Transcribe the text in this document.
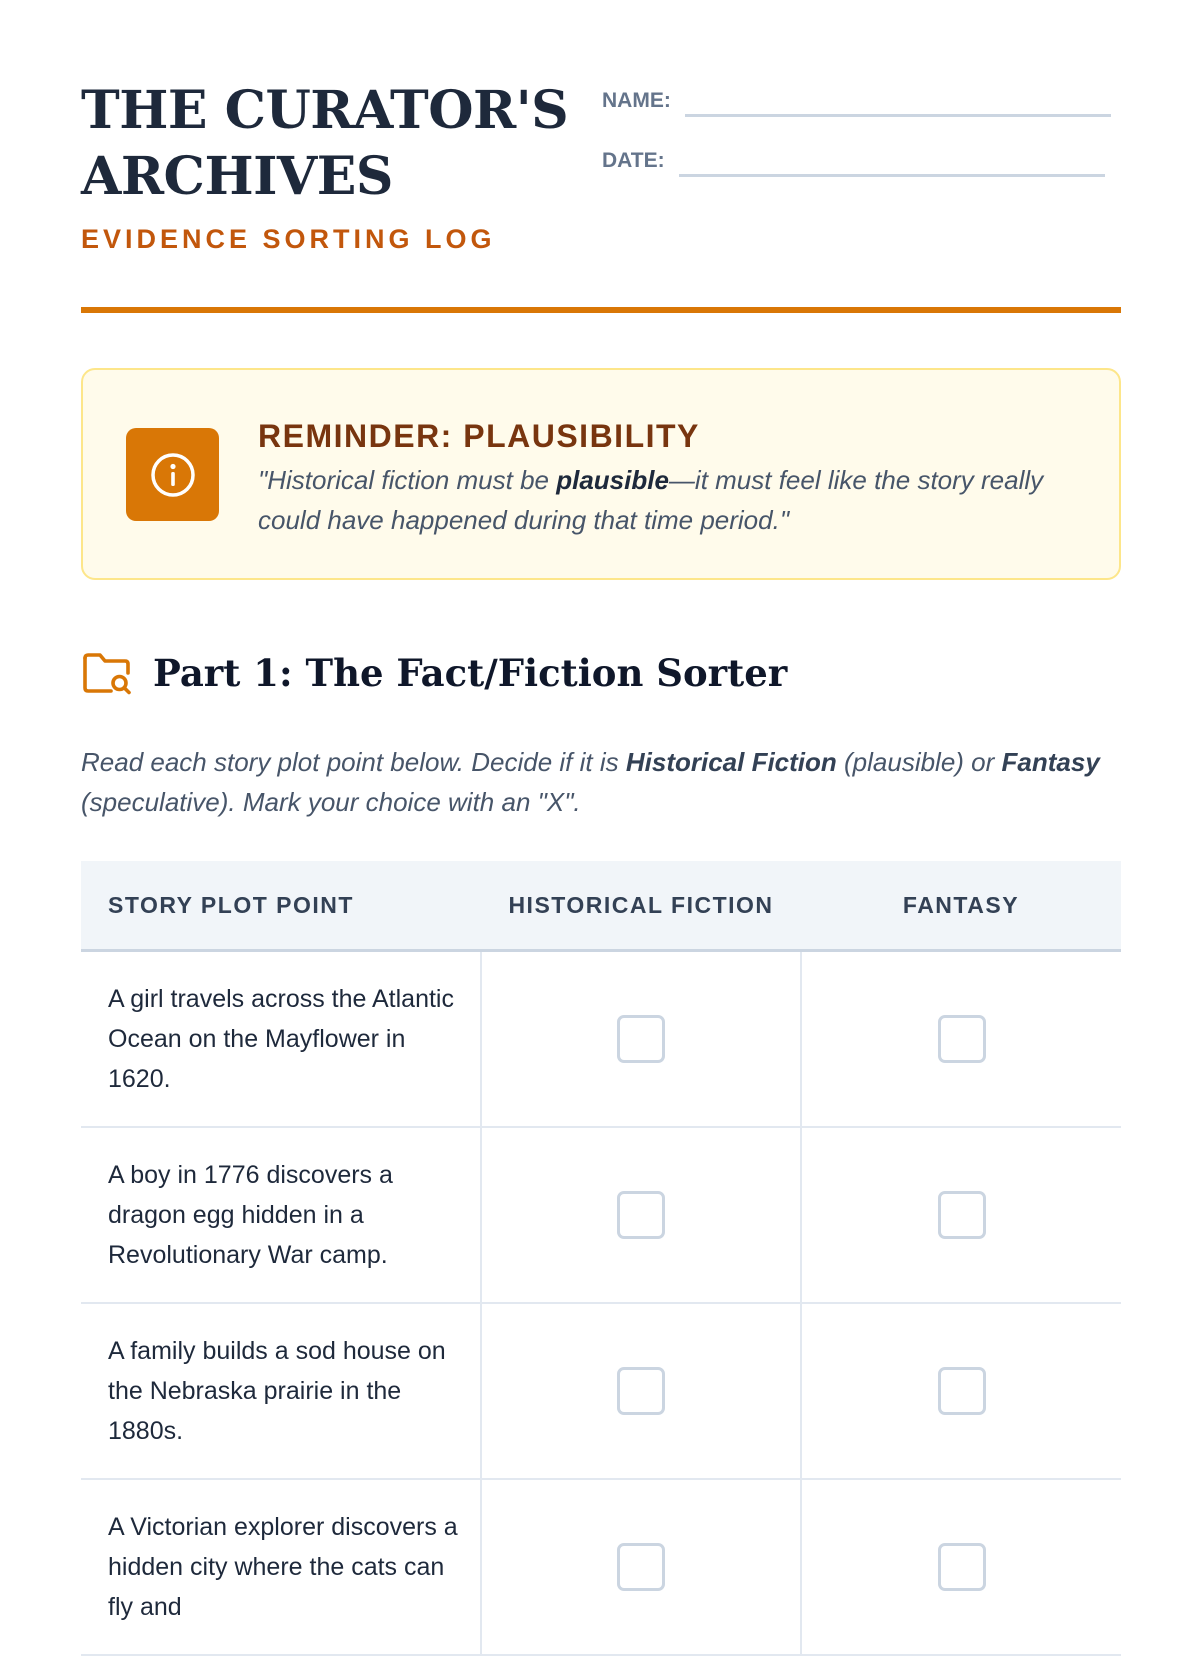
THE CURATOR'S ARCHIVES
EVIDENCE SORTING LOG
NAME:
DATE:
REMINDER: PLAUSIBILITY

"Historical fiction must be plausible—it must feel like the story really could have happened during that time period."

Part 1: The Fact/Fiction Sorter

Read each story plot point below. Decide if it is Historical Fiction (plausible) or Fantasy (speculative). Mark your choice with an "X".

STORY PLOT POINT	HISTORICAL FICTION	FANTASY
A girl travels across the Atlantic Ocean on the Mayflower in 1620.		
A boy in 1776 discovers a dragon egg hidden in a Revolutionary War camp.		
A family builds a sod house on the Nebraska prairie in the 1880s.		
A Victorian explorer discovers a hidden city where the cats can fly and		
